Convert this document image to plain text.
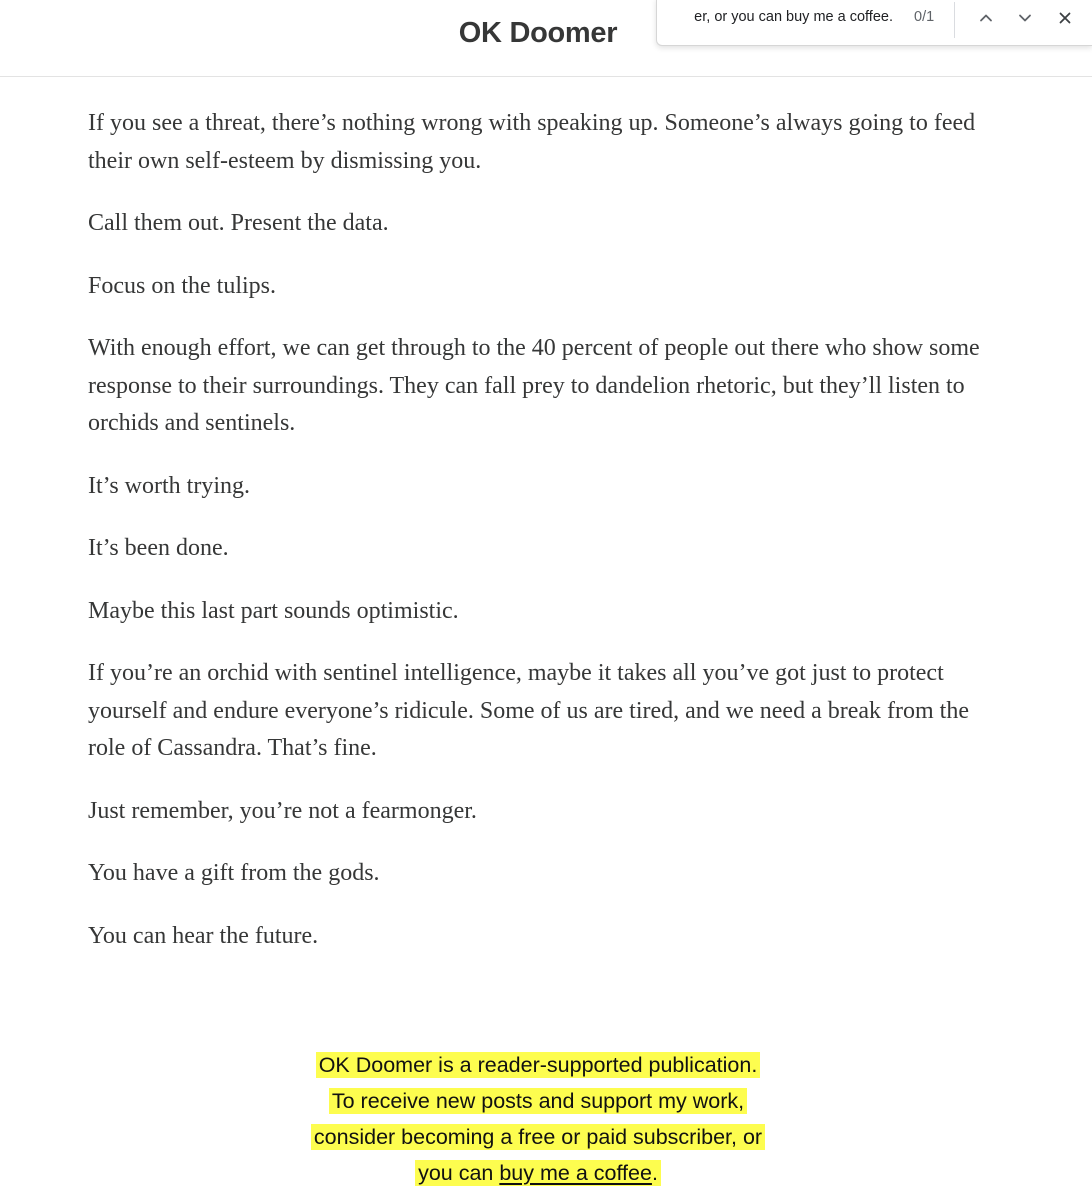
OK Doomer
er, or you can buy me a coffee.	0/1

If you see a threat, there’s nothing wrong with speaking up. Someone’s always going to feed their own self-esteem by dismissing you.

Call them out. Present the data.

Focus on the tulips.

With enough effort, we can get through to the 40 percent of people out there who show some response to their surroundings. They can fall prey to dandelion rhetoric, but they’ll listen to orchids and sentinels.

It’s worth trying.

It’s been done.

Maybe this last part sounds optimistic.

If you’re an orchid with sentinel intelligence, maybe it takes all you’ve got just to protect yourself and endure everyone’s ridicule. Some of us are tired, and we need a break from the role of Cassandra. That’s fine.

Just remember, you’re not a fearmonger.

You have a gift from the gods.

You can hear the future.

OK Doomer is a reader-supported publication.
To receive new posts and support my work,
consider becoming a free or paid subscriber, or
you can buy me a coffee.
